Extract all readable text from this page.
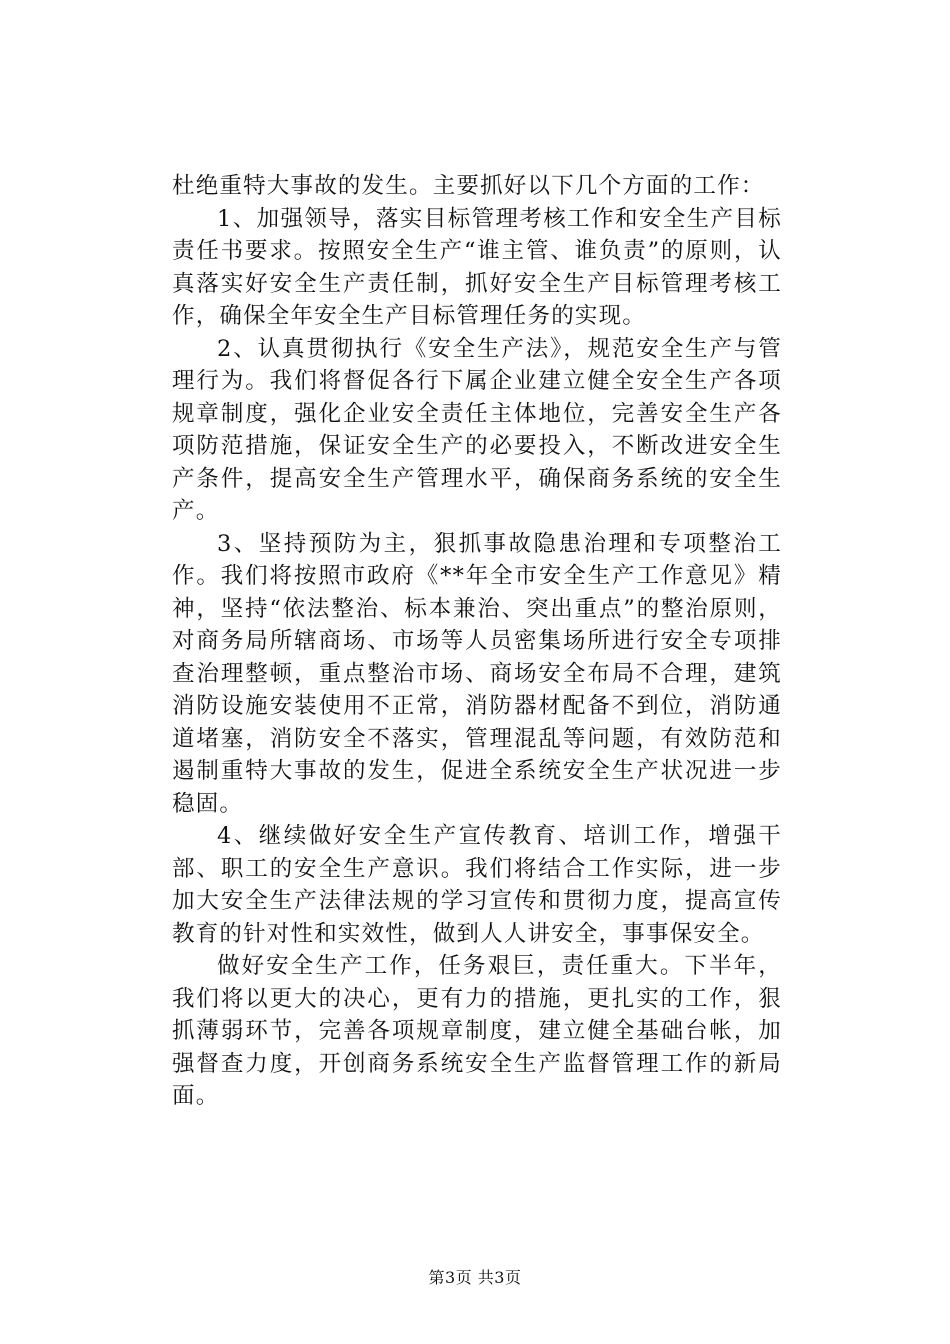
杜绝重特大事故的发生。主要抓好以下几个方面的工作：

1、加强领导，落实目标管理考核工作和安全生产目标责任书要求。按照安全生产“谁主管、谁负责”的原则，认真落实好安全生产责任制，抓好安全生产目标管理考核工作，确保全年安全生产目标管理任务的实现。

2、认真贯彻执行《安全生产法》，规范安全生产与管理行为。我们将督促各行下属企业建立健全安全生产各项规章制度，强化企业安全责任主体地位，完善安全生产各项防范措施，保证安全生产的必要投入，不断改进安全生产条件，提高安全生产管理水平，确保商务系统的安全生产。

3、坚持预防为主，狠抓事故隐患治理和专项整治工作。我们将按照市政府《**年全市安全生产工作意见》精神，坚持“依法整治、标本兼治、突出重点”的整治原则，对商务局所辖商场、市场等人员密集场所进行安全专项排查治理整顿，重点整治市场、商场安全布局不合理，建筑消防设施安装使用不正常，消防器材配备不到位，消防通道堵塞，消防安全不落实，管理混乱等问题，有效防范和遏制重特大事故的发生，促进全系统安全生产状况进一步稳固。

4、继续做好安全生产宣传教育、培训工作，增强干部、职工的安全生产意识。我们将结合工作实际，进一步加大安全生产法律法规的学习宣传和贯彻力度，提高宣传教育的针对性和实效性，做到人人讲安全，事事保安全。

做好安全生产工作，任务艰巨，责任重大。下半年，我们将以更大的决心，更有力的措施，更扎实的工作，狠抓薄弱环节，完善各项规章制度，建立健全基础台帐，加强督查力度，开创商务系统安全生产监督管理工作的新局面。

第3页 共3页
